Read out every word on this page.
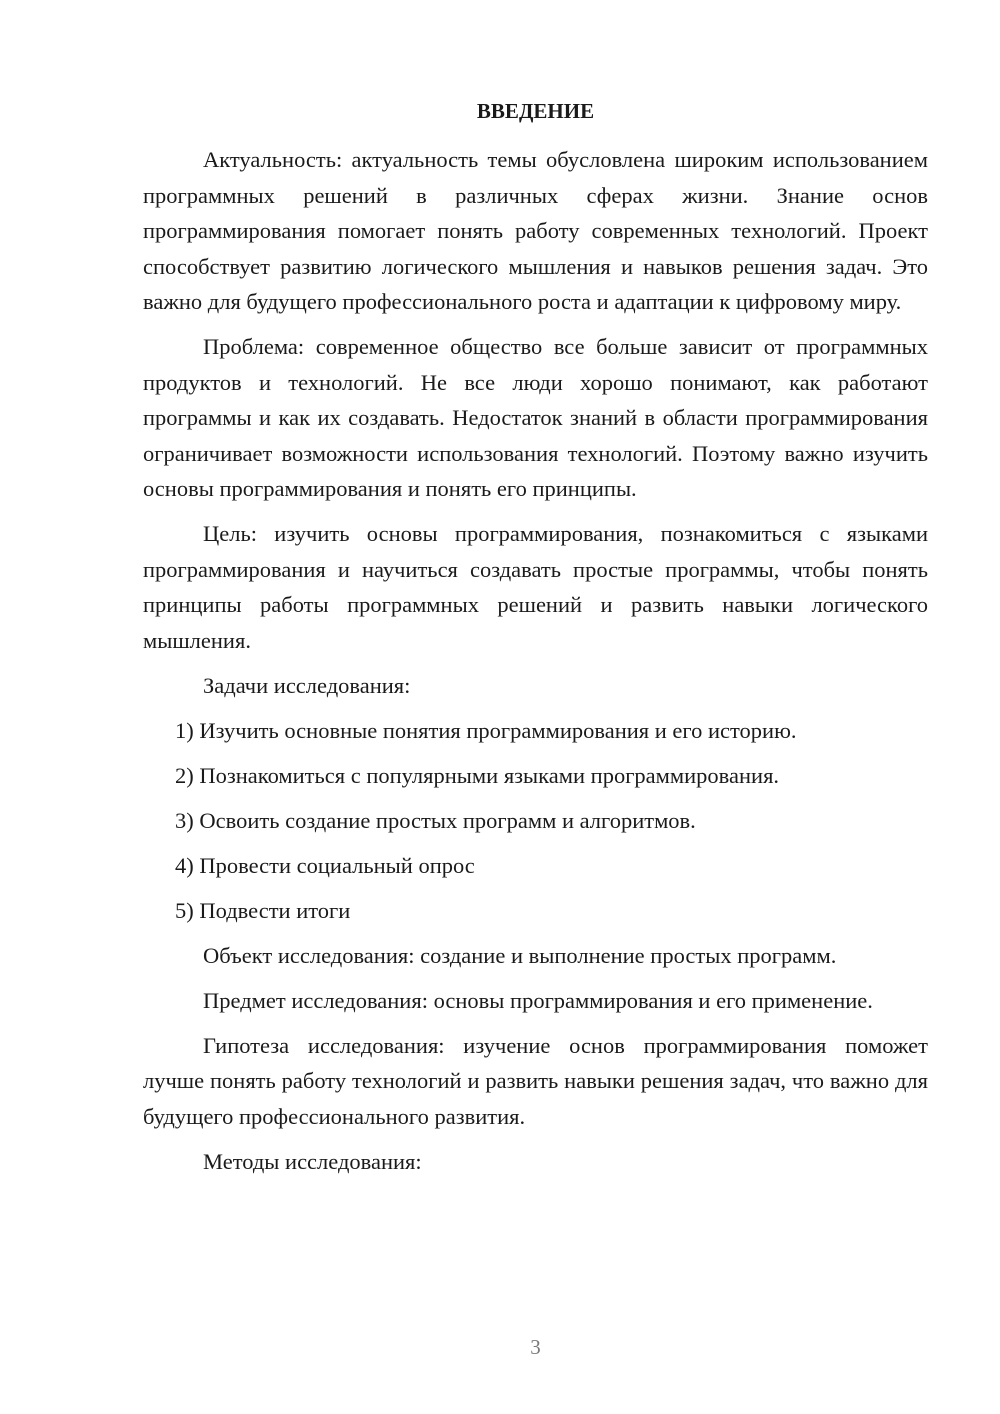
ВВЕДЕНИЕ

Актуальность: актуальность темы обусловлена широким использованием программных решений в различных сферах жизни. Знание основ программирования помогает понять работу современных технологий. Проект способствует развитию логического мышления и навыков решения задач. Это важно для будущего профессионального роста и адаптации к цифровому миру.

Проблема: современное общество все больше зависит от программных продуктов и технологий. Не все люди хорошо понимают, как работают программы и как их создавать. Недостаток знаний в области программирования ограничивает возможности использования технологий. Поэтому важно изучить основы программирования и понять его принципы.

Цель: изучить основы программирования, познакомиться с языками программирования и научиться создавать простые программы, чтобы понять принципы работы программных решений и развить навыки логического мышления.

Задачи исследования:

1) Изучить основные понятия программирования и его историю.

2) Познакомиться с популярными языками программирования.

3) Освоить создание простых программ и алгоритмов.

4) Провести социальный опрос

5) Подвести итоги

Объект исследования: создание и выполнение простых программ.

Предмет исследования: основы программирования и его применение.

Гипотеза исследования: изучение основ программирования поможет лучше понять работу технологий и развить навыки решения задач, что важно для будущего профессионального развития.

Методы исследования:

3
